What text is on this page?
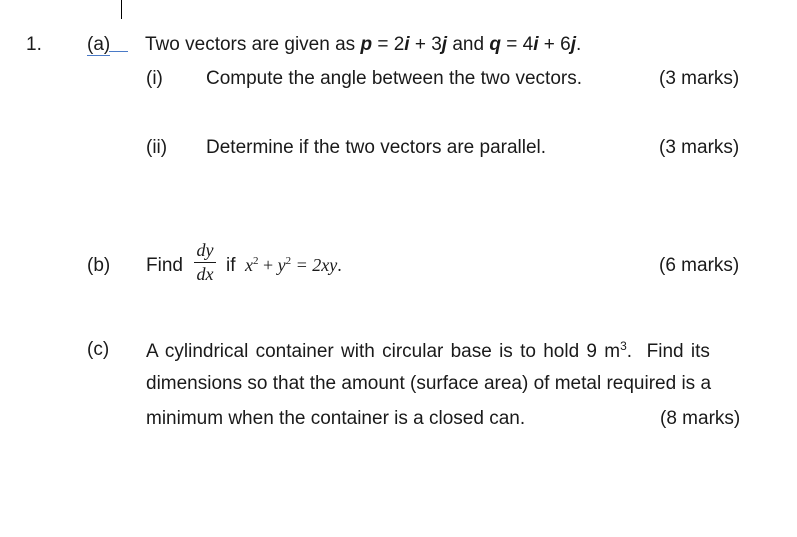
1. (a) Two vectors are given as p = 2i + 3j and q = 4i + 6j.
(i) Compute the angle between the two vectors.	(3 marks)
(ii) Determine if the two vectors are parallel.	(3 marks)
(b) Find
dy
dx if $x^2 + y^2 = 2xy$.	(6 marks)
(c) A cylindrical container with circular base is to hold 9 $m^3$.  Find its
dimensions so that the amount (surface area) of metal required is a
minimum when the container is a closed can.	(8 marks)
